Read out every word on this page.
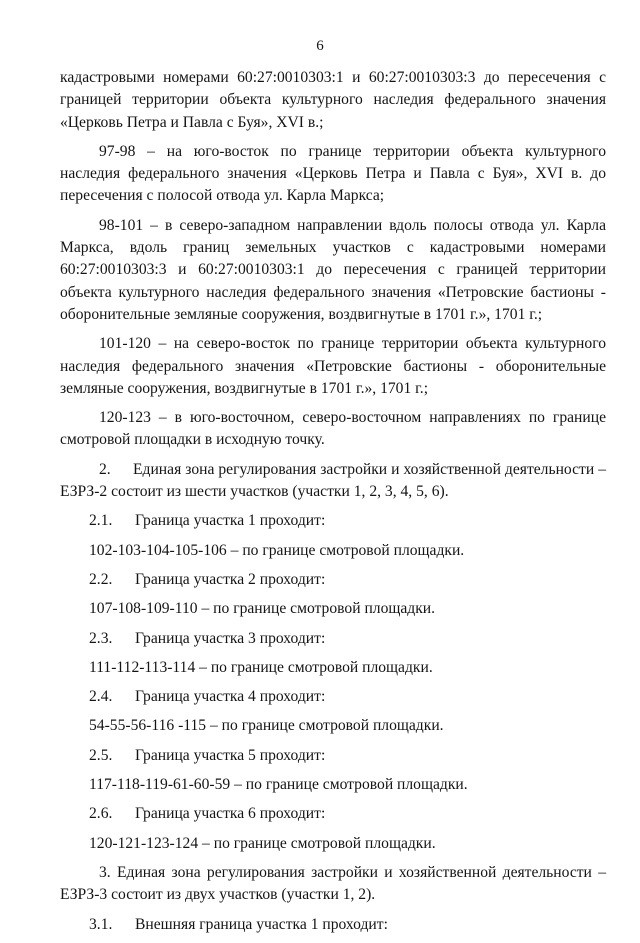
6

кадастровыми номерами 60:27:0010303:1 и 60:27:0010303:3 до пересечения с границей территории объекта культурного наследия федерального значения «Церковь Петра и Павла с Буя», XVI в.;

97-98 – на юго-восток по границе территории объекта культурного наследия федерального значения «Церковь Петра и Павла с Буя», XVI в. до пересечения с полосой отвода ул. Карла Маркса;

98-101 – в северо-западном направлении вдоль полосы отвода ул. Карла Маркса, вдоль границ земельных участков с кадастровыми номерами 60:27:0010303:3 и 60:27:0010303:1 до пересечения с границей территории объекта культурного наследия федерального значения «Петровские бастионы - оборонительные земляные сооружения, воздвигнутые в 1701 г.», 1701 г.;

101-120 – на северо-восток по границе территории объекта культурного наследия федерального значения «Петровские бастионы - оборонительные земляные сооружения, воздвигнутые в 1701 г.», 1701 г.;

120-123 – в юго-восточном, северо-восточном направлениях по границе смотровой площадки в исходную точку.

2. Единая зона регулирования застройки и хозяйственной деятельности –

ЕЗРЗ-2 состоит из шести участков (участки 1, 2, 3, 4, 5, 6).

2.1. Граница участка 1 проходит:
102-103-104-105-106 – по границе смотровой площадки.
2.2. Граница участка 2 проходит:
107-108-109-110 – по границе смотровой площадки.
2.3. Граница участка 3 проходит:
111-112-113-114 – по границе смотровой площадки.
2.4. Граница участка 4 проходит:
54-55-56-116 -115 – по границе смотровой площадки.
2.5. Граница участка 5 проходит:
117-118-119-61-60-59 – по границе смотровой площадки.
2.6. Граница участка 6 проходит:
120-121-123-124 – по границе смотровой площадки.

3. Единая зона регулирования застройки и хозяйственной деятельности – ЕЗРЗ-3 состоит из двух участков (участки 1, 2).

3.1. Внешняя граница участка 1 проходит:
